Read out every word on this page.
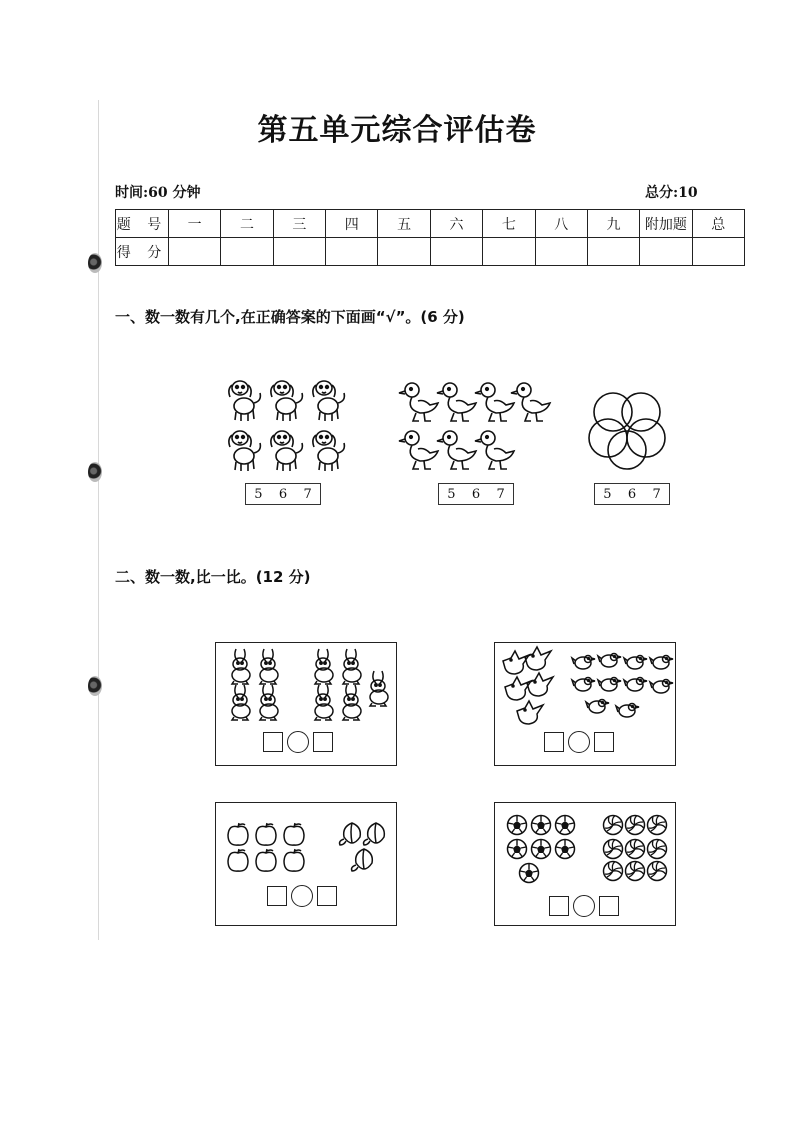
第五单元综合评估卷
时间:60 分钟	总分:10
题 号	一	二	三	四	五	六	七	八	九	附加题	总
得 分											
一、数一数有几个,在正确答案的下面画“√”。(6 分)
5 6 7	5 6 7	5 6 7
二、数一数,比一比。(12 分)
